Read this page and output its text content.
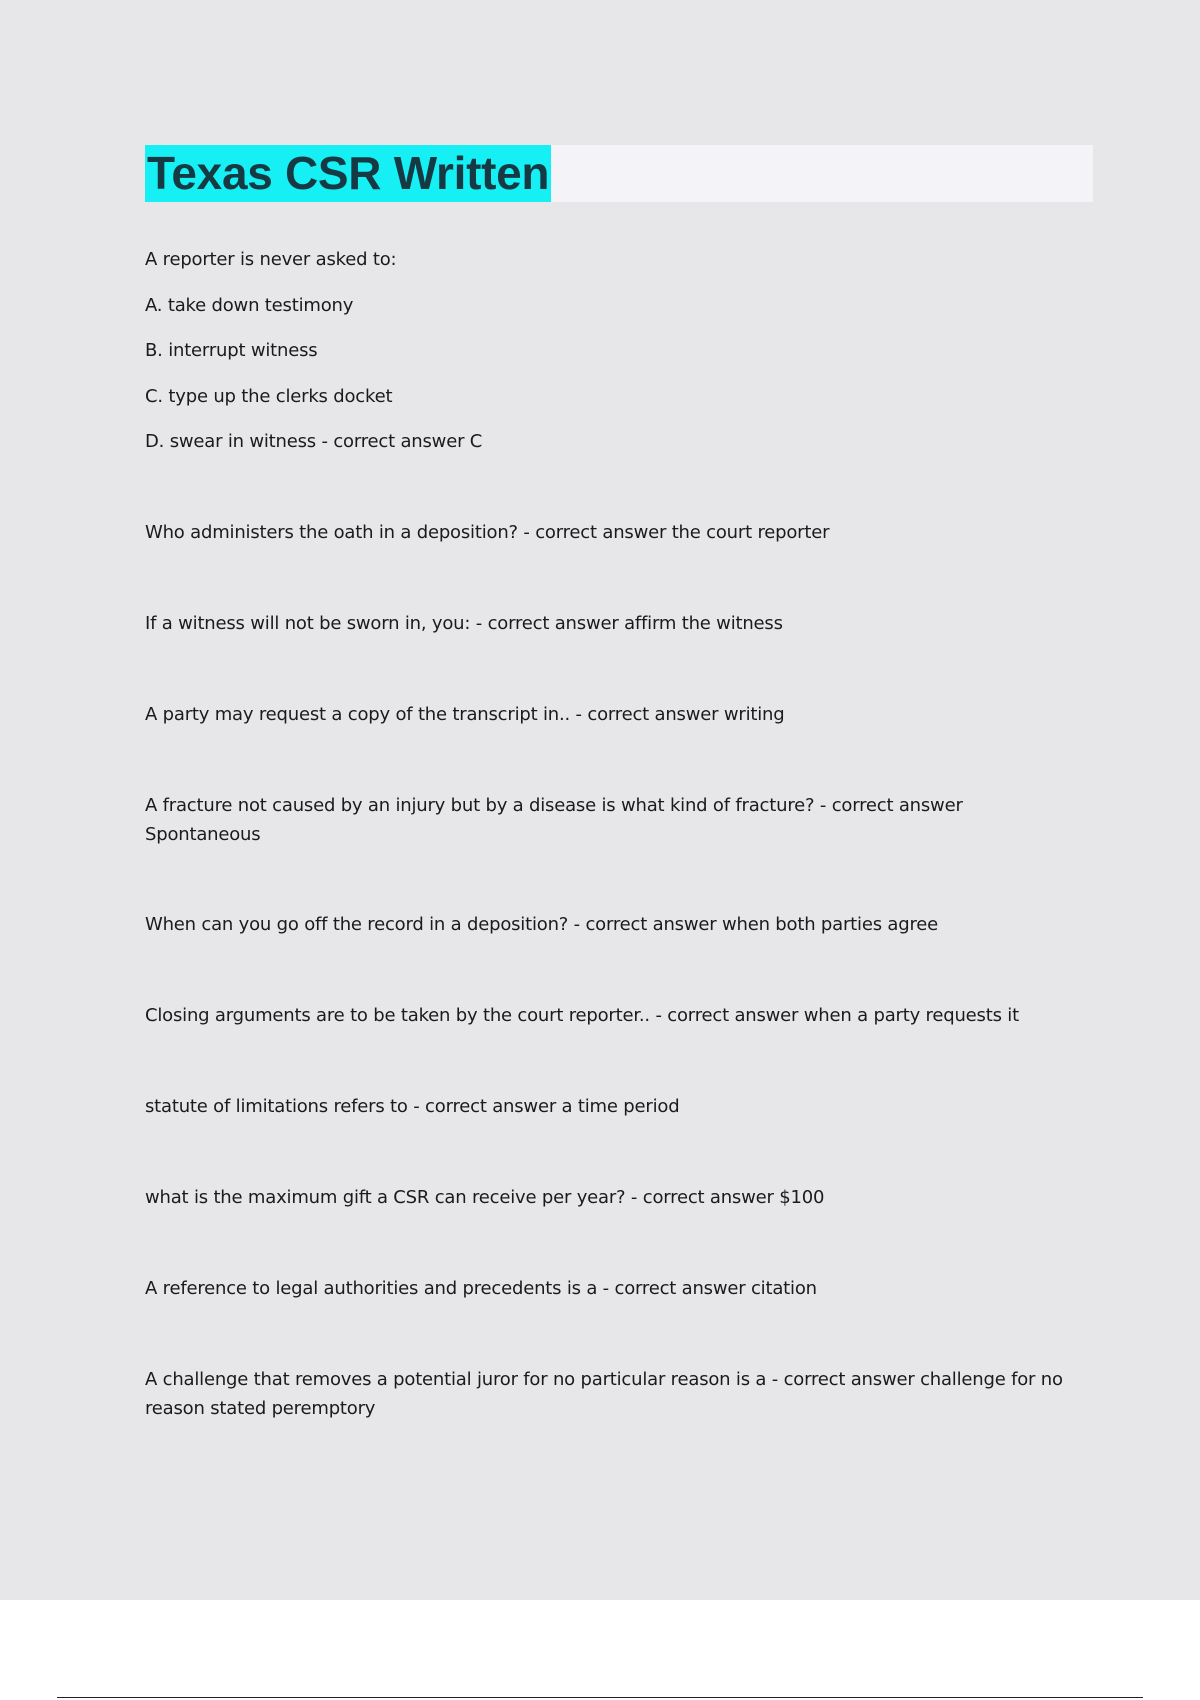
Texas CSR Written
A reporter is never asked to:
A. take down testimony
B. interrupt witness
C. type up the clerks docket
D. swear in witness - correct answer C
Who administers the oath in a deposition? - correct answer the court reporter
If a witness will not be sworn in, you: - correct answer affirm the witness
A party may request a copy of the transcript in.. - correct answer writing
A fracture not caused by an injury but by a disease is what kind of fracture? - correct answer Spontaneous
When can you go off the record in a deposition? - correct answer when both parties agree
Closing arguments are to be taken by the court reporter.. - correct answer when a party requests it
statute of limitations refers to - correct answer a time period
what is the maximum gift a CSR can receive per year? - correct answer $100
A reference to legal authorities and precedents is a - correct answer citation
A challenge that removes a potential juror for no particular reason is a - correct answer challenge for no reason stated peremptory
